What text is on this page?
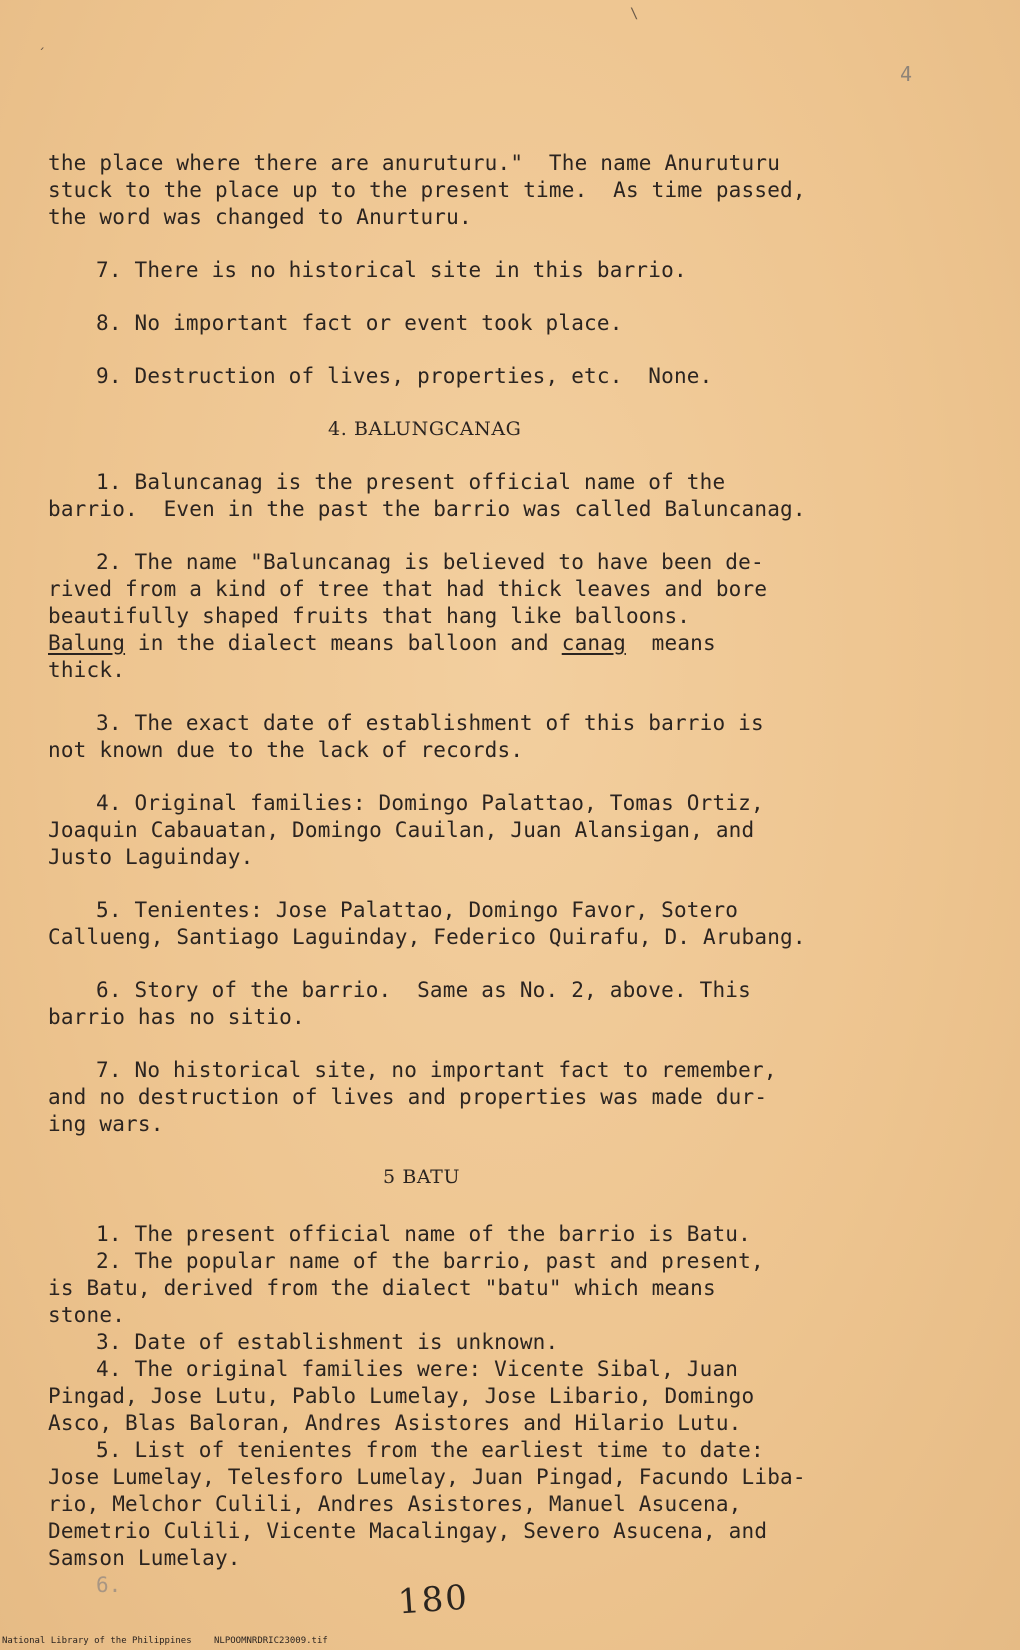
ˏ
\
4

the place where there are anuruturu."  The name Anuruturu
stuck to the place up to the present time.  As time passed,
the word was changed to Anurturu.

7. There is no historical site in this barrio.

8. No important fact or event took place.

9. Destruction of lives, properties, etc.  None.

4. BALUNGCANAG

1. Baluncanag is the present official name of the
barrio.  Even in the past the barrio was called Baluncanag.

2. The name "Baluncanag is believed to have been de-
rived from a kind of tree that had thick leaves and bore
beautifully shaped fruits that hang like balloons.
Balung in the dialect means balloon and canag  means
thick.

3. The exact date of establishment of this barrio is
not known due to the lack of records.

4. Original families: Domingo Palattao, Tomas Ortiz,
Joaquin Cabauatan, Domingo Cauilan, Juan Alansigan, and
Justo Laguinday.

5. Tenientes: Jose Palattao, Domingo Favor, Sotero
Callueng, Santiago Laguinday, Federico Quirafu, D. Arubang.

6. Story of the barrio.  Same as No. 2, above. This
barrio has no sitio.

7. No historical site, no important fact to remember,
and no destruction of lives and properties was made dur-
ing wars.

5 BATU

1. The present official name of the barrio is Batu.

2. The popular name of the barrio, past and present,
is Batu, derived from the dialect "batu" which means
stone.

3. Date of establishment is unknown.

4. The original families were: Vicente Sibal, Juan
Pingad, Jose Lutu, Pablo Lumelay, Jose Libario, Domingo
Asco, Blas Baloran, Andres Asistores and Hilario Lutu.

5. List of tenientes from the earliest time to date:
Jose Lumelay, Telesforo Lumelay, Juan Pingad, Facundo Liba-
rio, Melchor Culili, Andres Asistores, Manuel Asucena,
Demetrio Culili, Vicente Macalingay, Severo Asucena, and
Samson Lumelay.

6.	180
National Library of the Philippines NLPOOMNRDRIC23009.tif
